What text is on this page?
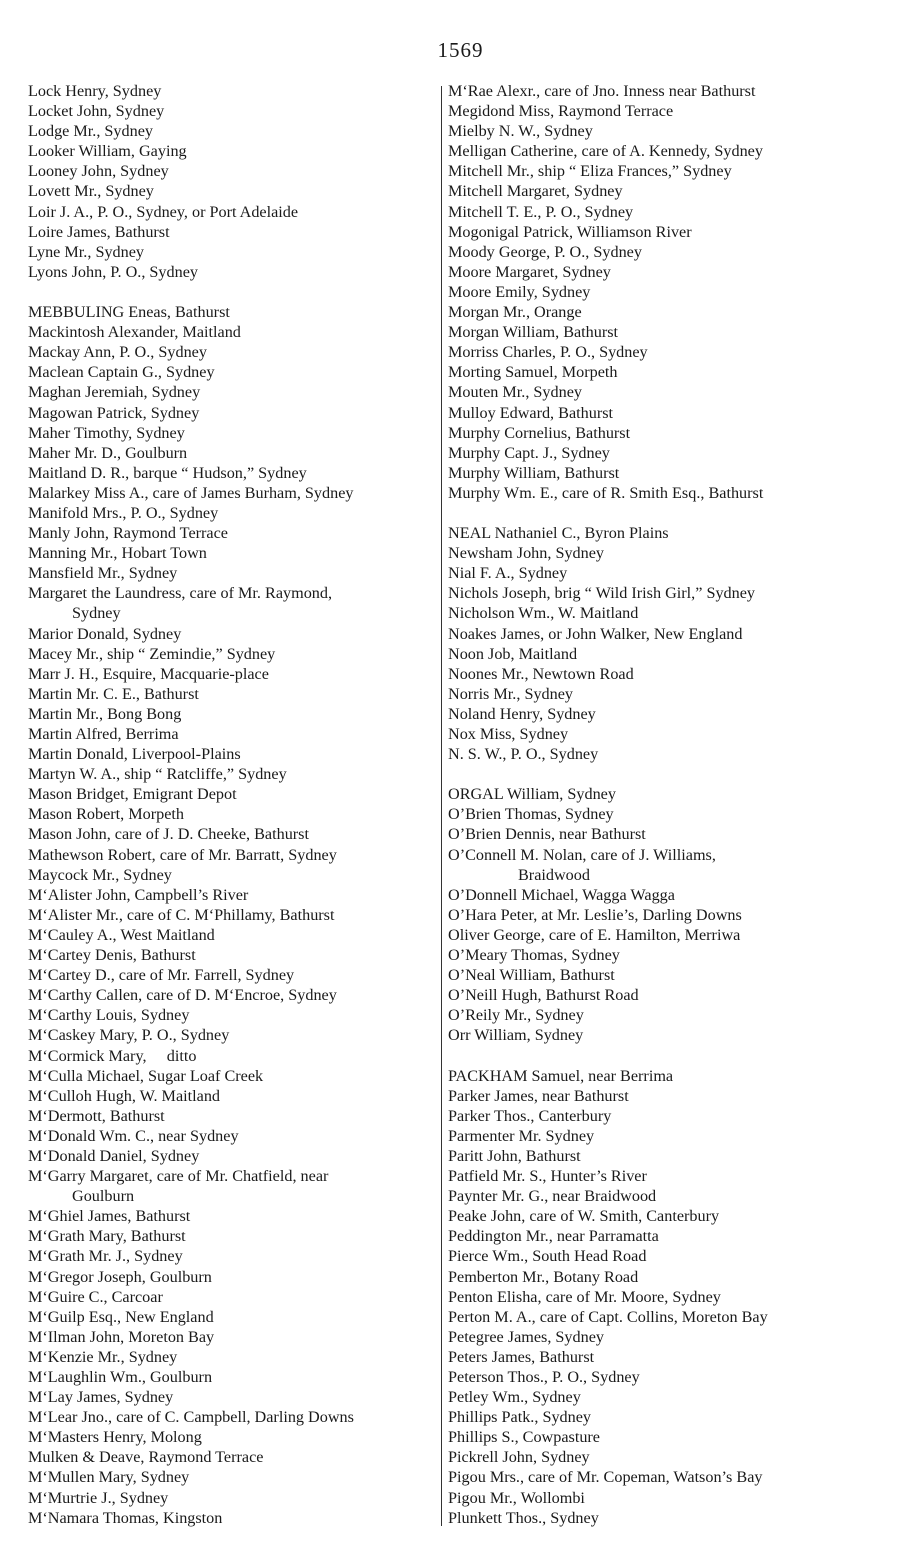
1569
Lock Henry, Sydney
Locket John, Sydney
Lodge Mr., Sydney
Looker William, Gaying
Looney John, Sydney
Lovett Mr., Sydney
Loir J. A., P. O., Sydney, or Port Adelaide
Loire James, Bathurst
Lyne Mr., Sydney
Lyons John, P. O., Sydney
MEBBULING Eneas, Bathurst
Mackintosh Alexander, Maitland
Mackay Ann, P. O., Sydney
Maclean Captain G., Sydney
Maghan Jeremiah, Sydney
Magowan Patrick, Sydney
Maher Timothy, Sydney
Maher Mr. D., Goulburn
Maitland D. R., barque “ Hudson,” Sydney
Malarkey Miss A., care of James Burham, Sydney
Manifold Mrs., P. O., Sydney
Manly John, Raymond Terrace
Manning Mr., Hobart Town
Mansfield Mr., Sydney
Margaret the Laundress, care of Mr. Raymond,
Sydney
Marior Donald, Sydney
Macey Mr., ship “ Zemindie,” Sydney
Marr J. H., Esquire, Macquarie-place
Martin Mr. C. E., Bathurst
Martin Mr., Bong Bong
Martin Alfred, Berrima
Martin Donald, Liverpool-Plains
Martyn W. A., ship “ Ratcliffe,” Sydney
Mason Bridget, Emigrant Depot
Mason Robert, Morpeth
Mason John, care of J. D. Cheeke, Bathurst
Mathewson Robert, care of Mr. Barratt, Sydney
Maycock Mr., Sydney
M‘Alister John, Campbell’s River
M‘Alister Mr., care of C. M‘Phillamy, Bathurst
M‘Cauley A., West Maitland
M‘Cartey Denis, Bathurst
M‘Cartey D., care of Mr. Farrell, Sydney
M‘Carthy Callen, care of D. M‘Encroe, Sydney
M‘Carthy Louis, Sydney
M‘Caskey Mary, P. O., Sydney
M‘Cormick Mary,     ditto
M‘Culla Michael, Sugar Loaf Creek
M‘Culloh Hugh, W. Maitland
M‘Dermott, Bathurst
M‘Donald Wm. C., near Sydney
M‘Donald Daniel, Sydney
M‘Garry Margaret, care of Mr. Chatfield, near
Goulburn
M‘Ghiel James, Bathurst
M‘Grath Mary, Bathurst
M‘Grath Mr. J., Sydney
M‘Gregor Joseph, Goulburn
M‘Guire C., Carcoar
M‘Guilp Esq., New England
M‘Ilman John, Moreton Bay
M‘Kenzie Mr., Sydney
M‘Laughlin Wm., Goulburn
M‘Lay James, Sydney
M‘Lear Jno., care of C. Campbell, Darling Downs
M‘Masters Henry, Molong
Mulken & Deave, Raymond Terrace
M‘Mullen Mary, Sydney
M‘Murtrie J., Sydney
M‘Namara Thomas, Kingston
M‘Rae Alexr., care of Jno. Inness near Bathurst
Megidond Miss, Raymond Terrace
Mielby N. W., Sydney
Melligan Catherine, care of A. Kennedy, Sydney
Mitchell Mr., ship “ Eliza Frances,” Sydney
Mitchell Margaret, Sydney
Mitchell T. E., P. O., Sydney
Mogonigal Patrick, Williamson River
Moody George, P. O., Sydney
Moore Margaret, Sydney
Moore Emily, Sydney
Morgan Mr., Orange
Morgan William, Bathurst
Morriss Charles, P. O., Sydney
Morting Samuel, Morpeth
Mouten Mr., Sydney
Mulloy Edward, Bathurst
Murphy Cornelius, Bathurst
Murphy Capt. J., Sydney
Murphy William, Bathurst
Murphy Wm. E., care of R. Smith Esq., Bathurst
NEAL Nathaniel C., Byron Plains
Newsham John, Sydney
Nial F. A., Sydney
Nichols Joseph, brig “ Wild Irish Girl,” Sydney
Nicholson Wm., W. Maitland
Noakes James, or John Walker, New England
Noon Job, Maitland
Noones Mr., Newtown Road
Norris Mr., Sydney
Noland Henry, Sydney
Nox Miss, Sydney
N. S. W., P. O., Sydney
ORGAL William, Sydney
O’Brien Thomas, Sydney
O’Brien Dennis, near Bathurst
O’Connell M. Nolan, care of J. Williams,
Braidwood
O’Donnell Michael, Wagga Wagga
O’Hara Peter, at Mr. Leslie’s, Darling Downs
Oliver George, care of E. Hamilton, Merriwa
O’Meary Thomas, Sydney
O’Neal William, Bathurst
O’Neill Hugh, Bathurst Road
O’Reily Mr., Sydney
Orr William, Sydney
PACKHAM Samuel, near Berrima
Parker James, near Bathurst
Parker Thos., Canterbury
Parmenter Mr. Sydney
Paritt John, Bathurst
Patfield Mr. S., Hunter’s River
Paynter Mr. G., near Braidwood
Peake John, care of W. Smith, Canterbury
Peddington Mr., near Parramatta
Pierce Wm., South Head Road
Pemberton Mr., Botany Road
Penton Elisha, care of Mr. Moore, Sydney
Perton M. A., care of Capt. Collins, Moreton Bay
Petegree James, Sydney
Peters James, Bathurst
Peterson Thos., P. O., Sydney
Petley Wm., Sydney
Phillips Patk., Sydney
Phillips S., Cowpasture
Pickrell John, Sydney
Pigou Mrs., care of Mr. Copeman, Watson’s Bay
Pigou Mr., Wollombi
Plunkett Thos., Sydney
